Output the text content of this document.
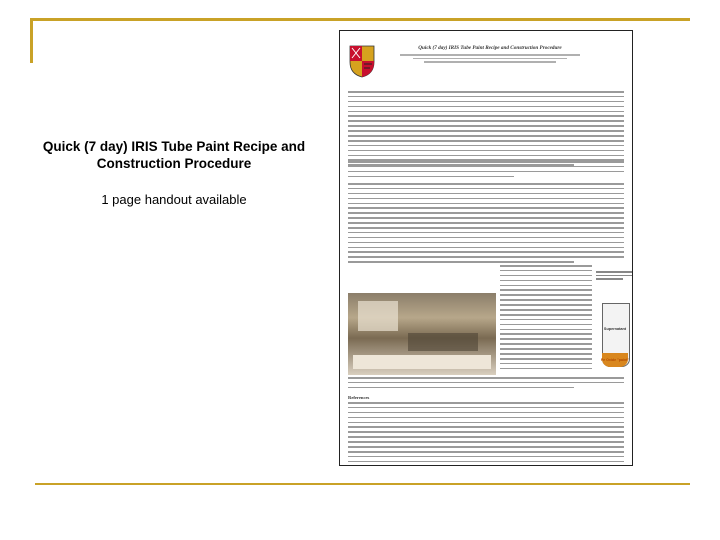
Quick (7 day) IRIS Tube Paint Recipe and Construction Procedure
1 page handout available
Quick (7 day) IRIS Tube Paint Recipe and Construction Procedure
Supernatant
Fe Oxide "paint"
References
